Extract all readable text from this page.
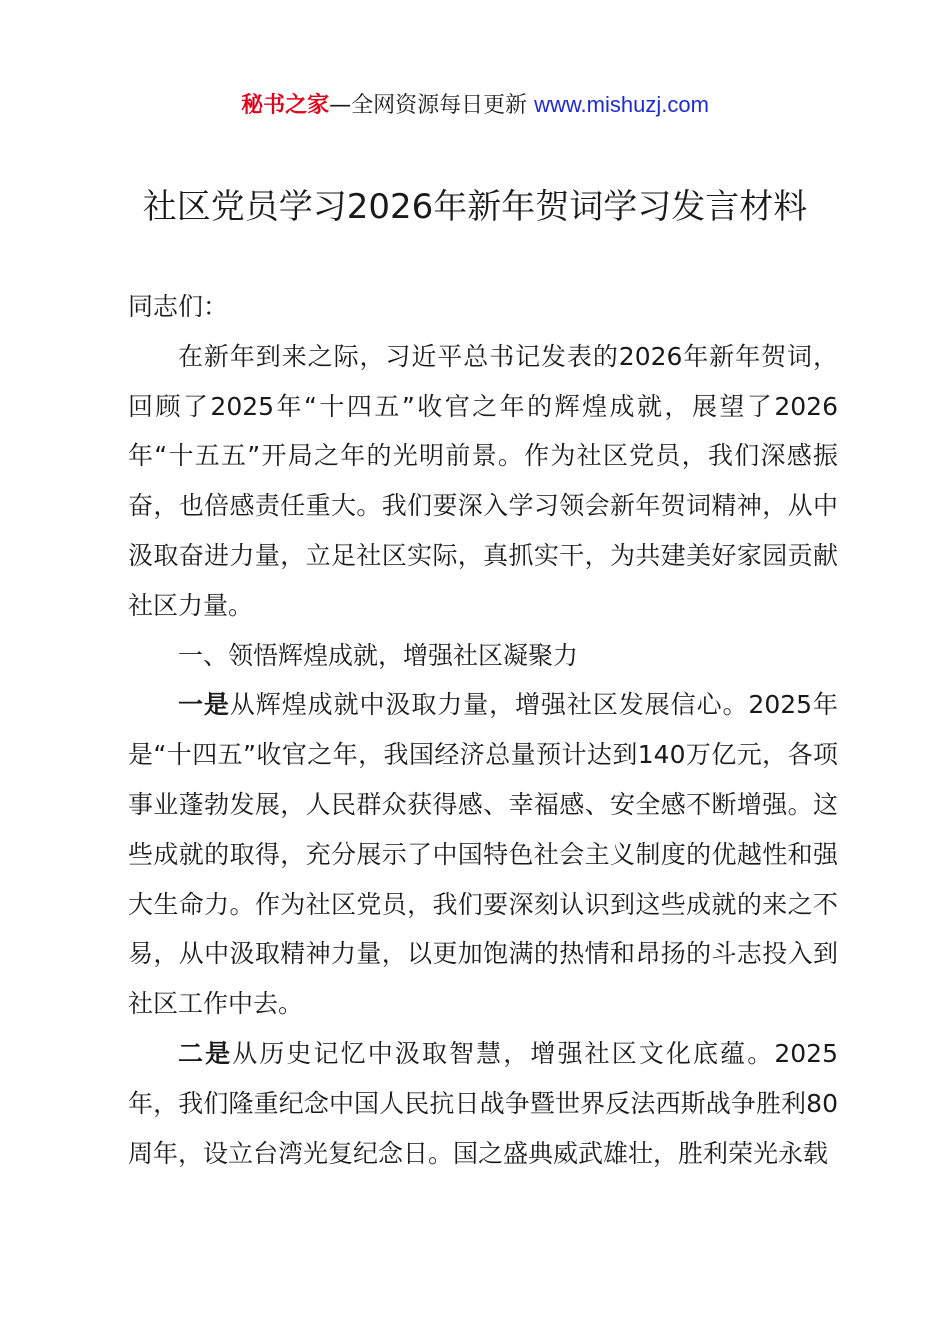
秘书之家—全网资源每日更新 www.mishuzj.com
社区党员学习2026年新年贺词学习发言材料

同志们：

在新年到来之际，习近平总书记发表的2026年新年贺词，回顾了2025年“十四五”收官之年的辉煌成就，展望了2026年“十五五”开局之年的光明前景。作为社区党员，我们深感振奋，也倍感责任重大。我们要深入学习领会新年贺词精神，从中汲取奋进力量，立足社区实际，真抓实干，为共建美好家园贡献社区力量。

一、领悟辉煌成就，增强社区凝聚力

一是从辉煌成就中汲取力量，增强社区发展信心。2025年是“十四五”收官之年，我国经济总量预计达到140万亿元，各项事业蓬勃发展，人民群众获得感、幸福感、安全感不断增强。这些成就的取得，充分展示了中国特色社会主义制度的优越性和强大生命力。作为社区党员，我们要深刻认识到这些成就的来之不易，从中汲取精神力量，以更加饱满的热情和昂扬的斗志投入到社区工作中去。

二是从历史记忆中汲取智慧，增强社区文化底蕴。2025年，我们隆重纪念中国人民抗日战争暨世界反法西斯战争胜利80周年，设立台湾光复纪念日。国之盛典威武雄壮，胜利荣光永载
